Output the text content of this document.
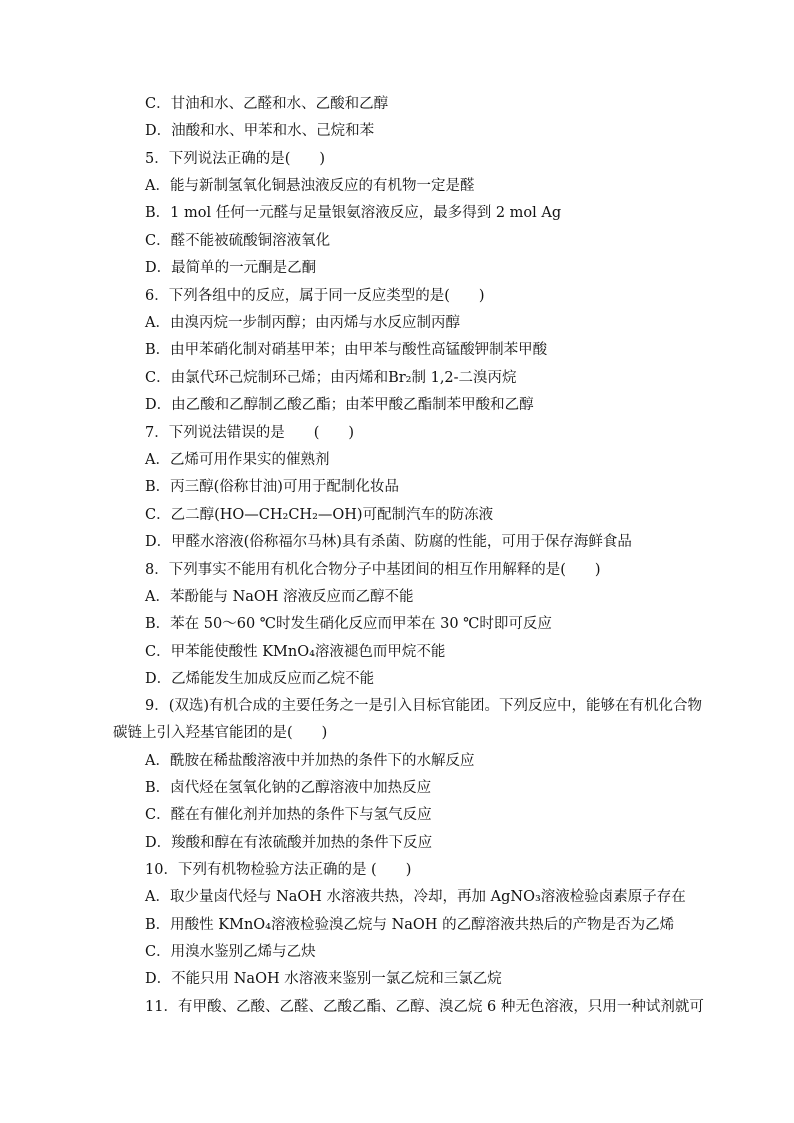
C．甘油和水、乙醛和水、乙酸和乙醇
D．油酸和水、甲苯和水、己烷和苯
5．下列说法正确的是(　　)
A．能与新制氢氧化铜悬浊液反应的有机物一定是醛
B．1 mol 任何一元醛与足量银氨溶液反应，最多得到 2 mol Ag
C．醛不能被硫酸铜溶液氧化
D．最简单的一元酮是乙酮
6．下列各组中的反应，属于同一反应类型的是(　　)
A．由溴丙烷一步制丙醇；由丙烯与水反应制丙醇
B．由甲苯硝化制对硝基甲苯；由甲苯与酸性高锰酸钾制苯甲酸
C．由氯代环己烷制环己烯；由丙烯和Br₂制 1,2-二溴丙烷
D．由乙酸和乙醇制乙酸乙酯；由苯甲酸乙酯制苯甲酸和乙醇
7．下列说法错误的是　　(　　)
A．乙烯可用作果实的催熟剂
B．丙三醇(俗称甘油)可用于配制化妆品
C．乙二醇(HO—CH₂CH₂—OH)可配制汽车的防冻液
D．甲醛水溶液(俗称福尔马林)具有杀菌、防腐的性能，可用于保存海鲜食品
8．下列事实不能用有机化合物分子中基团间的相互作用解释的是(　　)
A．苯酚能与 NaOH 溶液反应而乙醇不能
B．苯在 50～60 ℃时发生硝化反应而甲苯在 30 ℃时即可反应
C．甲苯能使酸性 KMnO₄溶液褪色而甲烷不能
D．乙烯能发生加成反应而乙烷不能
9．(双选)有机合成的主要任务之一是引入目标官能团。下列反应中，能够在有机化合物
碳链上引入羟基官能团的是(　　)
A．酰胺在稀盐酸溶液中并加热的条件下的水解反应
B．卤代烃在氢氧化钠的乙醇溶液中加热反应
C．醛在有催化剂并加热的条件下与氢气反应
D．羧酸和醇在有浓硫酸并加热的条件下反应
10．下列有机物检验方法正确的是 (　　)
A．取少量卤代烃与 NaOH 水溶液共热，冷却，再加 AgNO₃溶液检验卤素原子存在
B．用酸性 KMnO₄溶液检验溴乙烷与 NaOH 的乙醇溶液共热后的产物是否为乙烯
C．用溴水鉴别乙烯与乙炔
D．不能只用 NaOH 水溶液来鉴别一氯乙烷和三氯乙烷
11．有甲酸、乙酸、乙醛、乙酸乙酯、乙醇、溴乙烷 6 种无色溶液，只用一种试剂就可
